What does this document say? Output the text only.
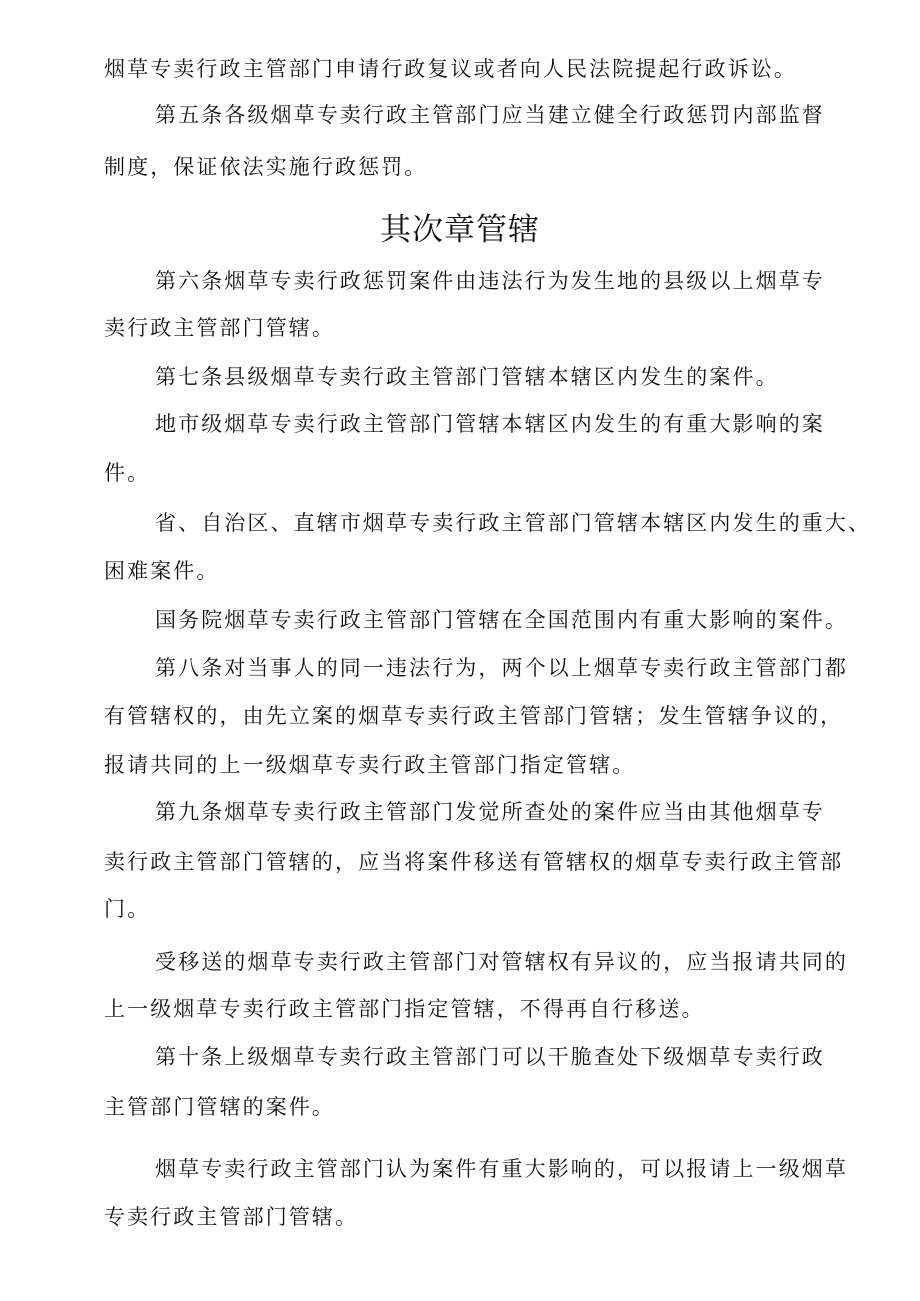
烟草专卖行政主管部门申请行政复议或者向人民法院提起行政诉讼。
第五条各级烟草专卖行政主管部门应当建立健全行政惩罚内部监督
制度，保证依法实施行政惩罚。
其次章管辖
第六条烟草专卖行政惩罚案件由违法行为发生地的县级以上烟草专
卖行政主管部门管辖。
第七条县级烟草专卖行政主管部门管辖本辖区内发生的案件。
地市级烟草专卖行政主管部门管辖本辖区内发生的有重大影响的案
件。
省、自治区、直辖市烟草专卖行政主管部门管辖本辖区内发生的重大、
困难案件。
国务院烟草专卖行政主管部门管辖在全国范围内有重大影响的案件。
第八条对当事人的同一违法行为，两个以上烟草专卖行政主管部门都
有管辖权的，由先立案的烟草专卖行政主管部门管辖；发生管辖争议的，
报请共同的上一级烟草专卖行政主管部门指定管辖。
第九条烟草专卖行政主管部门发觉所查处的案件应当由其他烟草专
卖行政主管部门管辖的，应当将案件移送有管辖权的烟草专卖行政主管部
门。
受移送的烟草专卖行政主管部门对管辖权有异议的，应当报请共同的
上一级烟草专卖行政主管部门指定管辖，不得再自行移送。
第十条上级烟草专卖行政主管部门可以干脆查处下级烟草专卖行政
主管部门管辖的案件。
烟草专卖行政主管部门认为案件有重大影响的，可以报请上一级烟草
专卖行政主管部门管辖。
